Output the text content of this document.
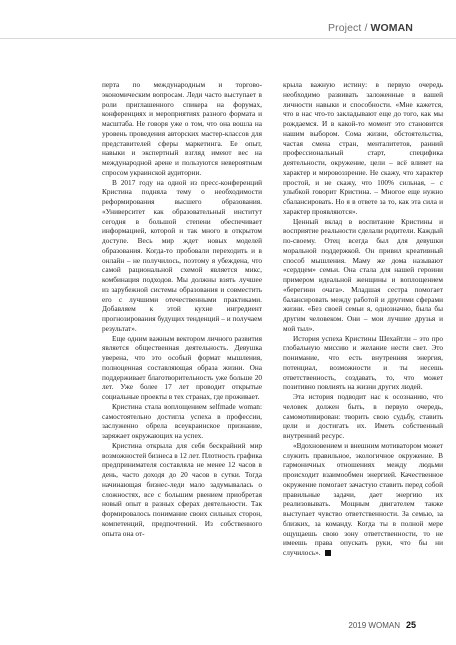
Project / WOMAN

перта по международным и торгово-экономическим вопросам. Леди часто выступает в роли приглашенного спикера на форумах, конференциях и мероприятиях разного формата и масштаба. Не говоря уже о том, что она вошла на уровень проведения авторских мастер-классов для представителей сферы маркетинга. Ее опыт, навыки и экспертный взгляд имеют вес на международной арене и пользуются невероятным спросом украинской аудитории.

В 2017 году на одной из пресс-конференций Кристина подняла тему о необходимости реформирования высшего образования. «Университет как образовательный институт сегодня в большой степени обеспечивает информацией, которой и так много в открытом доступе. Весь мир ждет новых моделей образования. Когда-то пробовали переходить и в онлайн – не получилось, поэтому я убеждена, что самой рациональной схемой является микс, комбинация подходов. Мы должны взять лучшее из зарубежной системы образования и совместить его с лучшими отечественными практиками. Добавляем к этой кухне ингредиент прогнозирования будущих тенденций – и получаем результат».

Еще одним важным вектором личного развития является общественная деятельность. Девушка уверена, что это особый формат мышления, полноценная составляющая образа жизни. Она поддерживает благотворительность уже больше 20 лет. Уже более 17 лет проводит открытые социальные проекты в тех странах, где проживает.

Кристина стала воплощением selfmade woman: самостоятельно достигла успеха в профессии, заслуженно обрела всеукраинское признание, заряжает окружающих на успех.

Кристина открыла для себя бескрайний мир возможностей бизнеса в 12 лет. Плотность графика предпринимателя составляла не менее 12 часов в день, часто доходя до 20 часов в сутки. Тогда начинающая бизнес-леди мало задумывалась о сложностях, все с большим рвением приобретая новый опыт в разных сферах деятельности. Так формировалось понимание своих сильных сторон, компетенций, предпочтений. Из собственного опыта она от-

крыла важную истину: в первую очередь необходимо развивать заложенные в вашей личности навыки и способности. «Мне кажется, что в нас что-то закладывают еще до того, как мы рождаемся. И в какой-то момент это становится нашим выбором. Сома жизни, обстоятельства, частая смена стран, менталитетов, ранний профессиональный старт, специфика деятельности, окружение, цели – всё влияет на характер и мировоззрение. Не скажу, что характер простой, и не скажу, что 100% сильная, – с улыбкой говорит Кристина. – Многое еще нужно сбалансировать. Но я в ответе за то, как эта сила и характер проявляются».

Ценный вклад в воспитание Кристины и восприятие реальности сделали родители. Каждый по-своему. Отец всегда был для девушки моральной поддержкой. Он привил креативный способ мышления. Маму же дома называют «сердцем» семьи. Она стала для нашей героини примером идеальной женщины и воплощением «берегини очага». Младшая сестра помогает балансировать между работой и другими сферами жизни. «Без своей семьи я, однозначно, была бы другим человеком. Они – мои лучшие друзья и мой тыл».

История успеха Кристины Шехайтли – это про глобальную миссию и желание нести свет. Это понимание, что есть внутренняя энергия, потенциал, возможности и ты несешь ответственность, создавать, то, что может позитивно повлиять на жизни других людей.

Эта история подводит нас к осознанию, что человек должен быть, в первую очередь, самомотивирован: творить свою судьбу, ставить цели и достигать их. Иметь собственный внутренний ресурс.

«Вдохновением и внешним мотиватором может служить правильное, экологичное окружение. В гармоничных отношениях между людьми происходит взаимообмен энергией. Качественное окружение помогает зачастую ставить перед собой правильные задачи, дает энергию их реализовывать. Мощным двигателем также выступает чувство ответственности. За семью, за близких, за команду. Когда ты в полной мере ощущаешь свою зону ответственности, то не имеешь права опускать руки, что бы ни случилось».

2019 WOMAN 25
